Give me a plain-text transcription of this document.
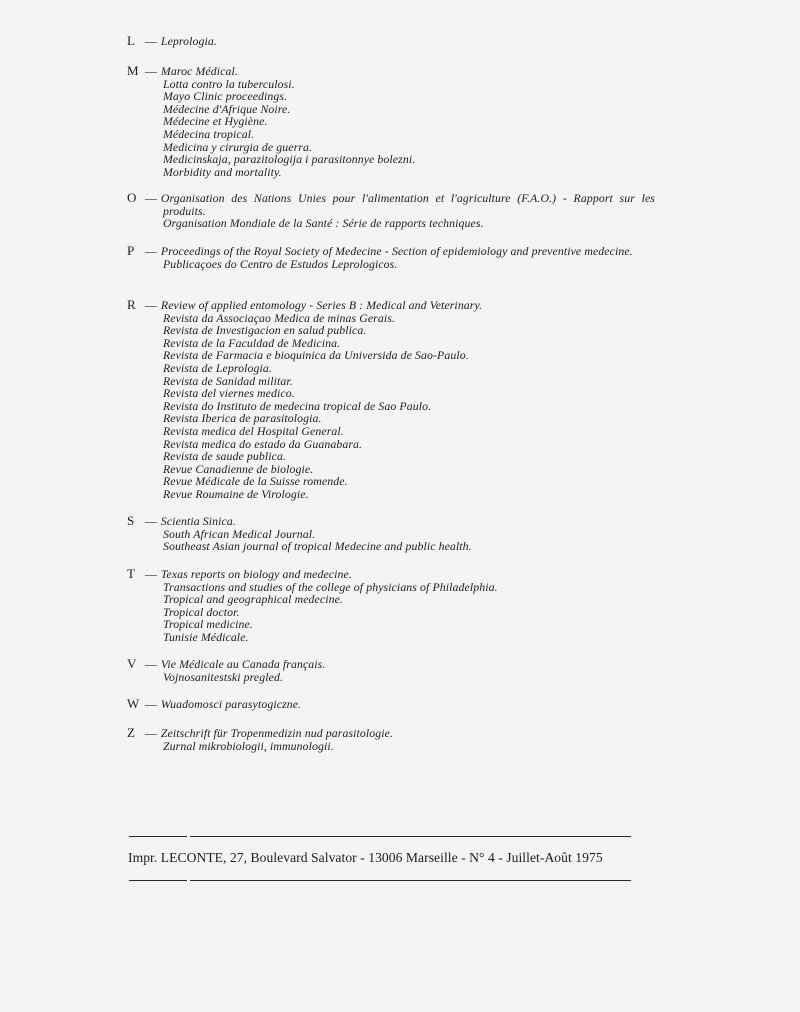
L — Leprologia.
M — Maroc Médical.
Lotta contro la tuberculosi.
Mayo Clinic proceedings.
Médecine d'Afrique Noire.
Médecine et Hygiène.
Médecina tropical.
Medicina y cirurgia de guerra.
Medicinskaja, parazitologija i parasitonnye bolezni.
Morbidity and mortality.
O — Organisation des Nations Unies pour l'alimentation et l'agriculture (F.A.O.) - Rapport sur les produits.
Organisation Mondiale de la Santé : Série de rapports techniques.
P — Proceedings of the Royal Society of Medecine - Section of epidemiology and preventive medecine.
Publicaçoes do Centro de Estudos Leprologicos.
R — Review of applied entomology - Series B : Medical and Veterinary.
Revista da Associaçao Medica de minas Gerais.
Revista de Investigacion en salud publica.
Revista de la Faculdad de Medicina.
Revista de Farmacia e bioquinica da Universida de Sao-Paulo.
Revista de Leprologia.
Revista de Sanidad militar.
Revista del viernes medico.
Revista do Instituto de medecina tropical de Sao Paulo.
Revista Iberica de parasitologia.
Revista medica del Hospital General.
Revista medica do estado da Guanabara.
Revista de saude publica.
Revue Canadienne de biologie.
Revue Médicale de la Suisse romende.
Revue Roumaine de Virologie.
S — Scientia Sinica.
South African Medical Journal.
Southeast Asian journal of tropical Medecine and public health.
T — Texas reports on biology and medecine.
Transactions and studies of the college of physicians of Philadelphia.
Tropical and geographical medecine.
Tropical doctor.
Tropical medicine.
Tunisie Médicale.
V — Vie Médicale au Canada français.
Vojnosanitestski pregled.
W — Wuadomosci parasytogiczne.
Z — Zeitschrift für Tropenmedizin nud parasitologie.
Zurnal mikrobiologii, immunologii.
Impr. LECONTE, 27, Boulevard Salvator - 13006 Marseille - N° 4 - Juillet-Août 1975
